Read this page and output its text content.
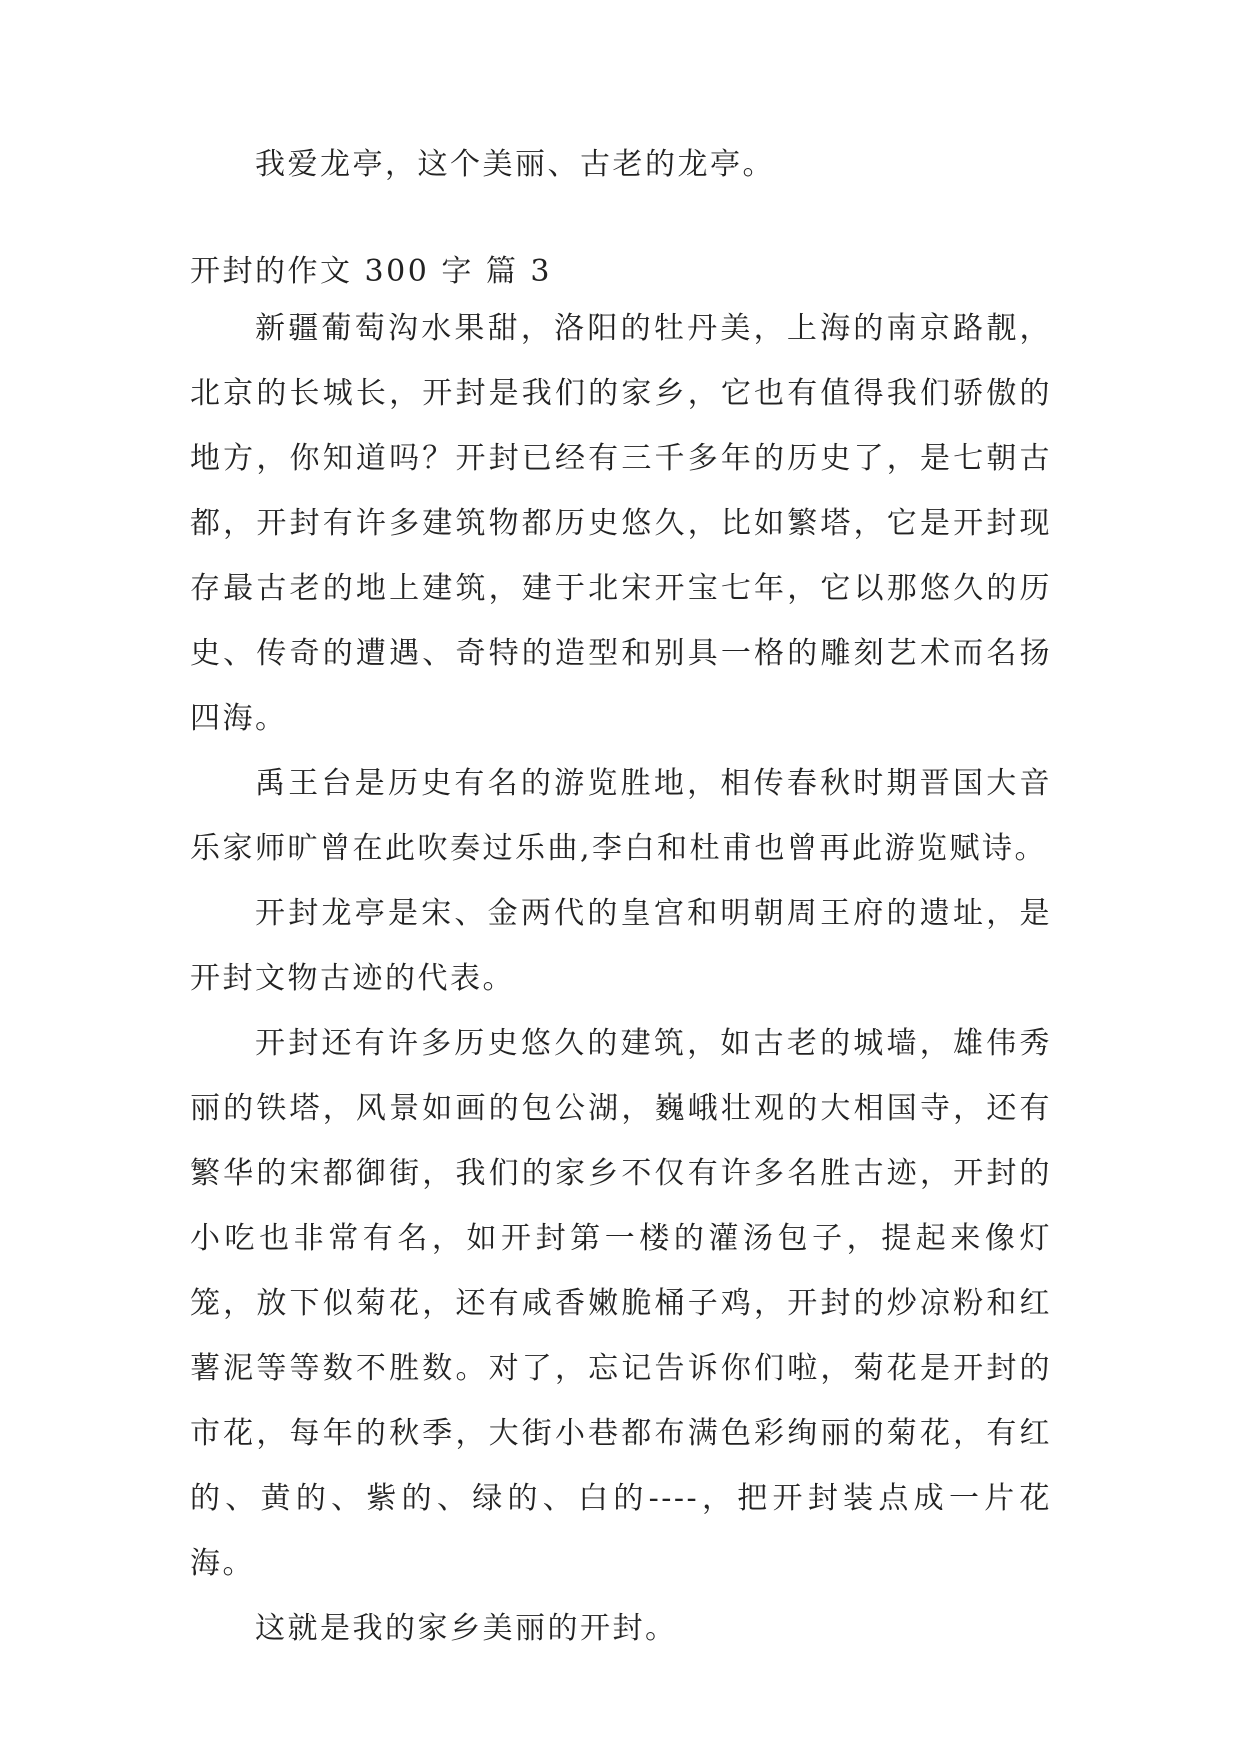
我爱龙亭，这个美丽、古老的龙亭。

开封的作文 300 字 篇 3

新疆葡萄沟水果甜，洛阳的牡丹美，上海的南京路靓，北京的长城长，开封是我们的家乡，它也有值得我们骄傲的地方，你知道吗？开封已经有三千多年的历史了，是七朝古都，开封有许多建筑物都历史悠久，比如繁塔，它是开封现存最古老的地上建筑，建于北宋开宝七年，它以那悠久的历史、传奇的遭遇、奇特的造型和别具一格的雕刻艺术而名扬四海。

禹王台是历史有名的游览胜地，相传春秋时期晋国大音乐家师旷曾在此吹奏过乐曲,李白和杜甫也曾再此游览赋诗。

开封龙亭是宋、金两代的皇宫和明朝周王府的遗址，是开封文物古迹的代表。

开封还有许多历史悠久的建筑，如古老的城墙，雄伟秀丽的铁塔，风景如画的包公湖，巍峨壮观的大相国寺，还有繁华的宋都御街，我们的家乡不仅有许多名胜古迹，开封的小吃也非常有名，如开封第一楼的灌汤包子，提起来像灯笼，放下似菊花，还有咸香嫩脆桶子鸡，开封的炒凉粉和红薯泥等等数不胜数。对了，忘记告诉你们啦，菊花是开封的市花，每年的秋季，大街小巷都布满色彩绚丽的菊花，有红的、黄的、紫的、绿的、白的----，把开封装点成一片花海。

这就是我的家乡美丽的开封。
